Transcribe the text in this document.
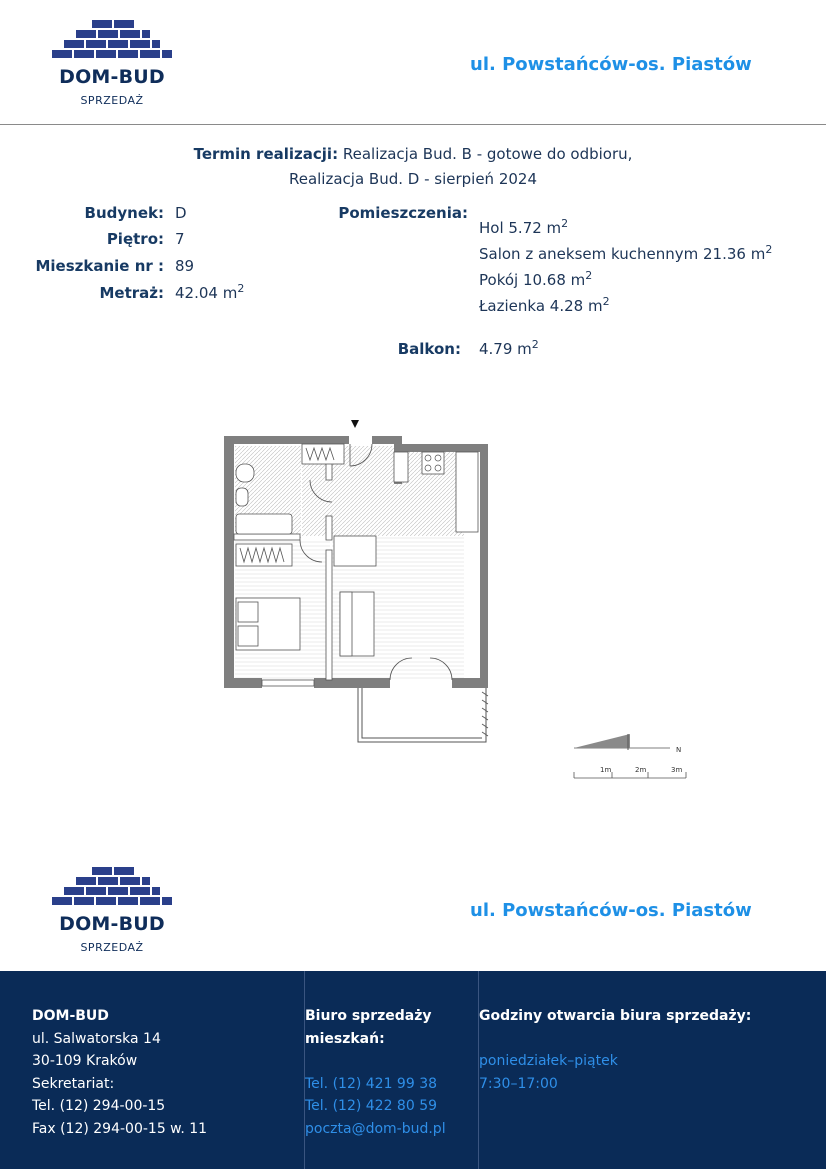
DOM-BUD
SPRZEDAŻ
ul. Powstańców-os. Piastów
Termin realizacji: Realizacja Bud. B - gotowe do odbioru,
Realizacja Bud. D - sierpień 2024
Budynek: D
Piętro: 7
Mieszkanie nr : 89
Metraż: 42.04 $m^2$
Pomieszczenia:
Hol 5.72 $m^2$
Salon z aneksem kuchennym 21.36 $m^2$
Pokój 10.68 $m^2$
Łazienka 4.28 $m^2$
Balkon: 4.79 $m^2$
N
1m	2m	3m
DOM-BUD
SPRZEDAŻ
ul. Powstańców-os. Piastów
DOM-BUD
ul. Salwatorska 14
30-109 Kraków
Sekretariat:
Tel. (12) 294-00-15
Fax (12) 294-00-15 w. 11
Biuro sprzedaży
mieszkań:
Tel. (12) 421 99 38
Tel. (12) 422 80 59
poczta@dom-bud.pl
Godziny otwarcia biura sprzedaży:
poniedziałek–piątek
7:30–17:00
